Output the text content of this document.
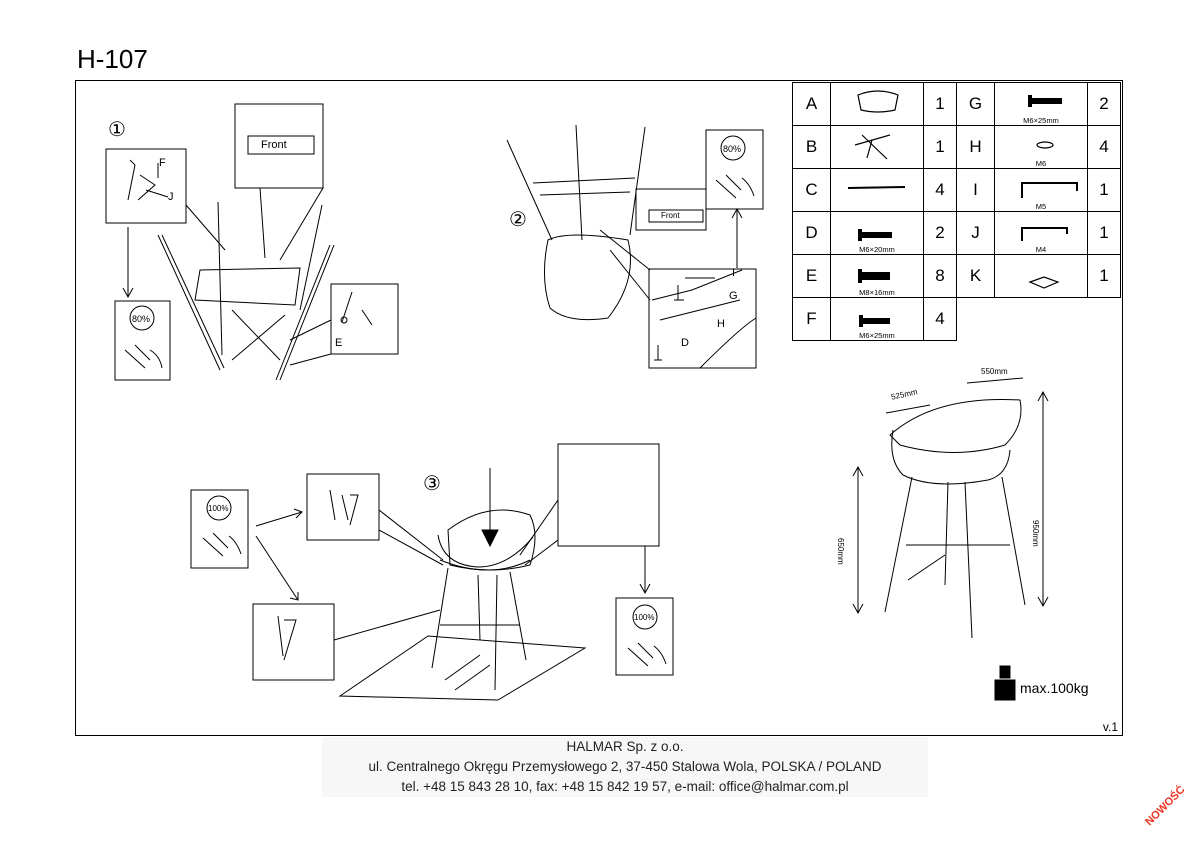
H-107
①
②
③
Front
Front
J
E
I
G
H
D
F
80%
80%
100%
100%
A		1	G	M6×25mm	2
B		1	H	M6	4
C		4	I	M5	1
D	M6×20mm	2	J	M4	1
E	M8×16mm	8	K		1
F	M6×25mm	4			
550mm
525mm
950mm
650mm
max.100kg
v.1
HALMAR Sp. z o.o.
ul. Centralnego Okręgu Przemysłowego 2, 37-450 Stalowa Wola, POLSKA / POLAND
tel. +48 15 843 28 10, fax: +48 15 842 19 57, e-mail: office@halmar.com.pl	NOWOŚĆ
